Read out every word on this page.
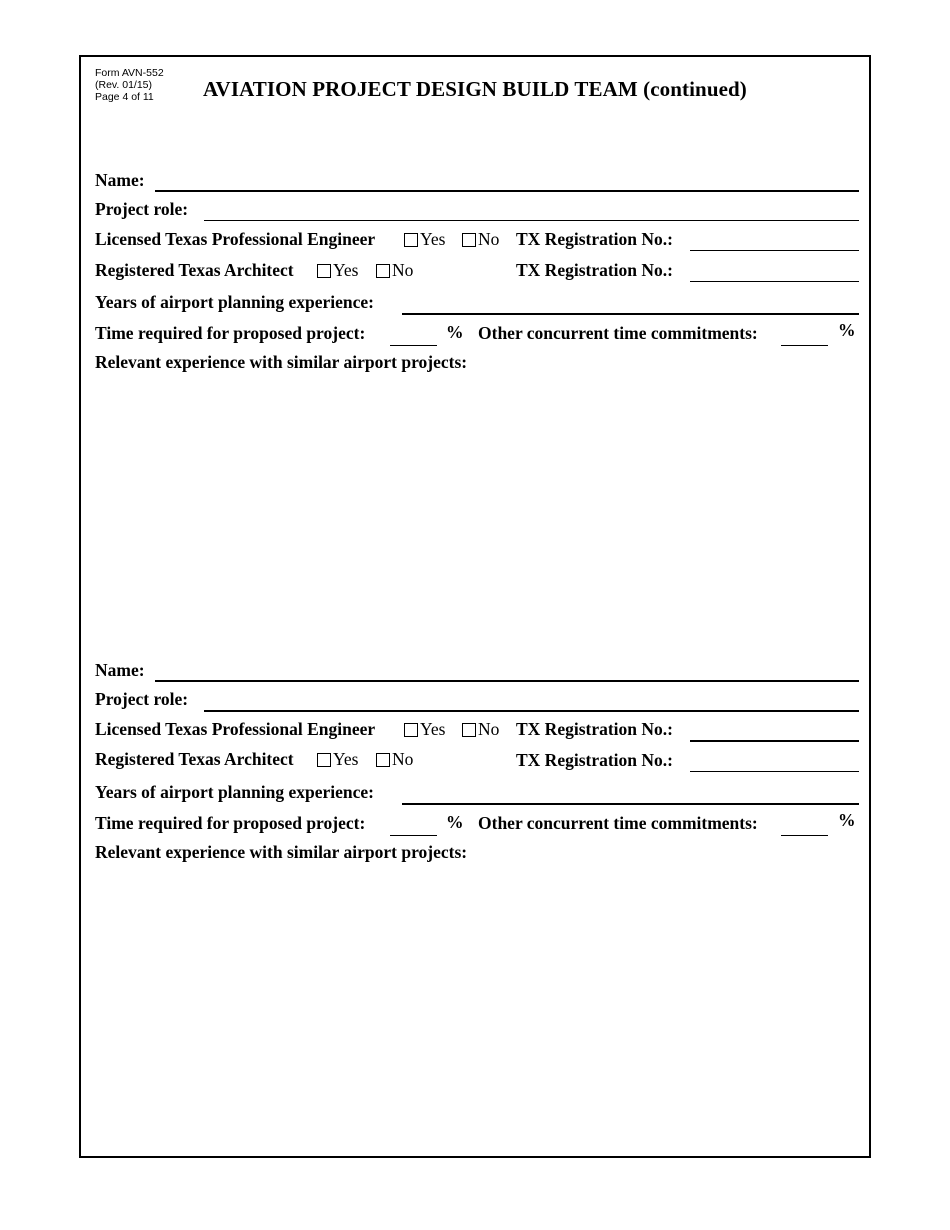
Form AVN-552
(Rev. 01/15)
Page 4 of 11	AVIATION PROJECT DESIGN BUILD TEAM (continued)
Name:
Project role:
Licensed Texas Professional Engineer	Yes No TX Registration No.:
Registered Texas Architect Yes No	TX Registration No.:
Years of airport planning experience:
Time required for proposed project:	% Other concurrent time commitments:	%
Relevant experience with similar airport projects:
Name:
Project role:
Licensed Texas Professional Engineer	Yes No TX Registration No.:
Registered Texas Architect Yes No	TX Registration No.:
Years of airport planning experience:
Time required for proposed project:	% Other concurrent time commitments:	%
Relevant experience with similar airport projects:
